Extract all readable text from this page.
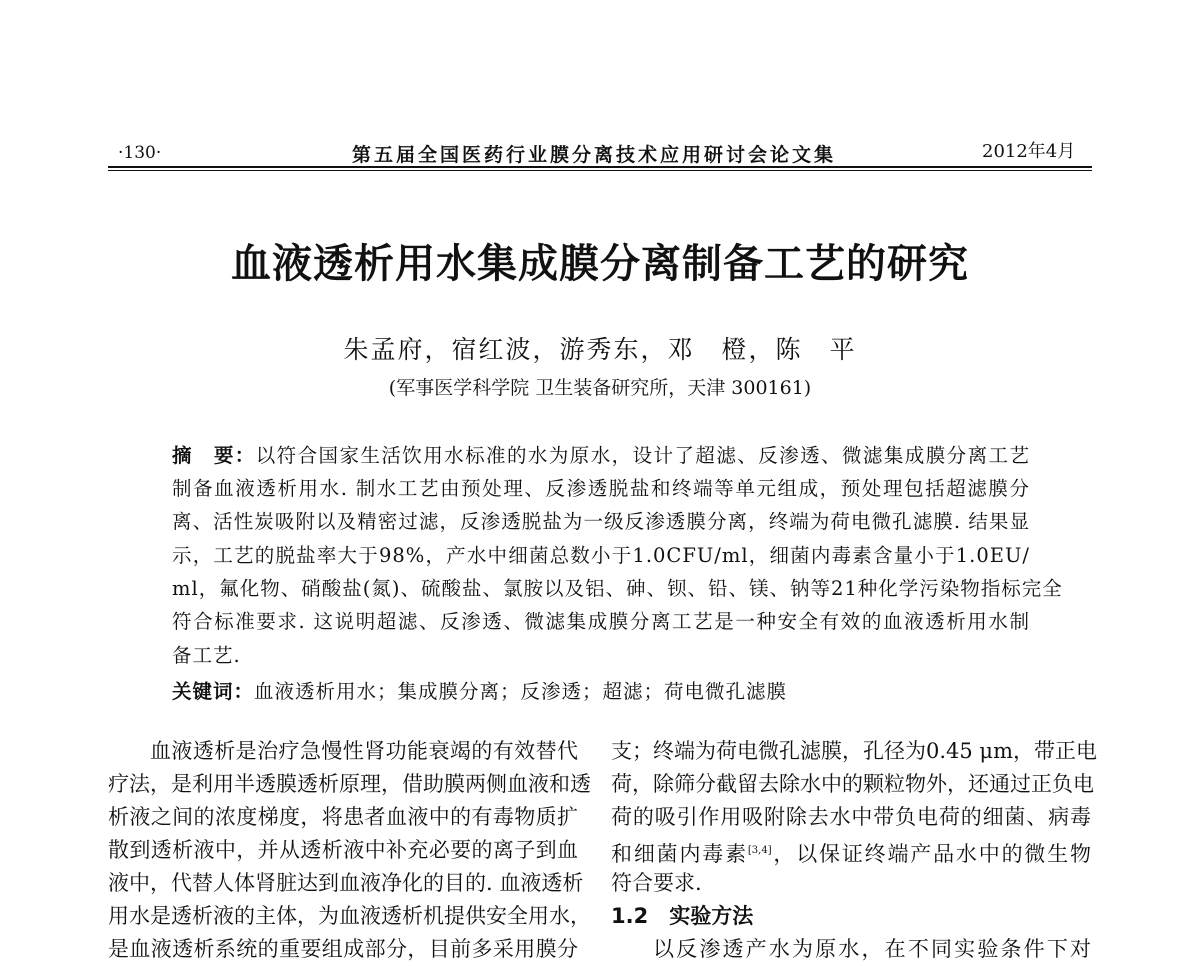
·130·	第五届全国医药行业膜分离技术应用研讨会论文集	2012年4月
血液透析用水集成膜分离制备工艺的研究
朱孟府，宿红波，游秀东，邓　橙，陈　平
(军事医学科学院 卫生装备研究所，天津 300161)
摘　要：以符合国家生活饮用水标准的水为原水，设计了超滤、反渗透、微滤集成膜分离工艺
制备血液透析用水. 制水工艺由预处理、反渗透脱盐和终端等单元组成，预处理包括超滤膜分
离、活性炭吸附以及精密过滤，反渗透脱盐为一级反渗透膜分离，终端为荷电微孔滤膜. 结果显
示，工艺的脱盐率大于98%，产水中细菌总数小于1.0CFU/ml，细菌内毒素含量小于1.0EU/
ml，氟化物、硝酸盐(氮)、硫酸盐、氯胺以及铝、砷、钡、铅、镁、钠等21种化学污染物指标完全
符合标准要求. 这说明超滤、反渗透、微滤集成膜分离工艺是一种安全有效的血液透析用水制
备工艺.
关键词：血液透析用水；集成膜分离；反渗透；超滤；荷电微孔滤膜
血液透析是治疗急慢性肾功能衰竭的有效替代
疗法，是利用半透膜透析原理，借助膜两侧血液和透
析液之间的浓度梯度，将患者血液中的有毒物质扩
散到透析液中，并从透析液中补充必要的离子到血
液中，代替人体肾脏达到血液净化的目的. 血液透析
用水是透析液的主体，为血液透析机提供安全用水，
是血液透析系统的重要组成部分，目前多采用膜分
支；终端为荷电微孔滤膜，孔径为0.45 μm，带正电
荷，除筛分截留去除水中的颗粒物外，还通过正负电
荷的吸引作用吸附除去水中带负电荷的细菌、病毒
和细菌内毒素[3,4]，以保证终端产品水中的微生物
符合要求.
1.2　实验方法
以反渗透产水为原水，在不同实验条件下对
